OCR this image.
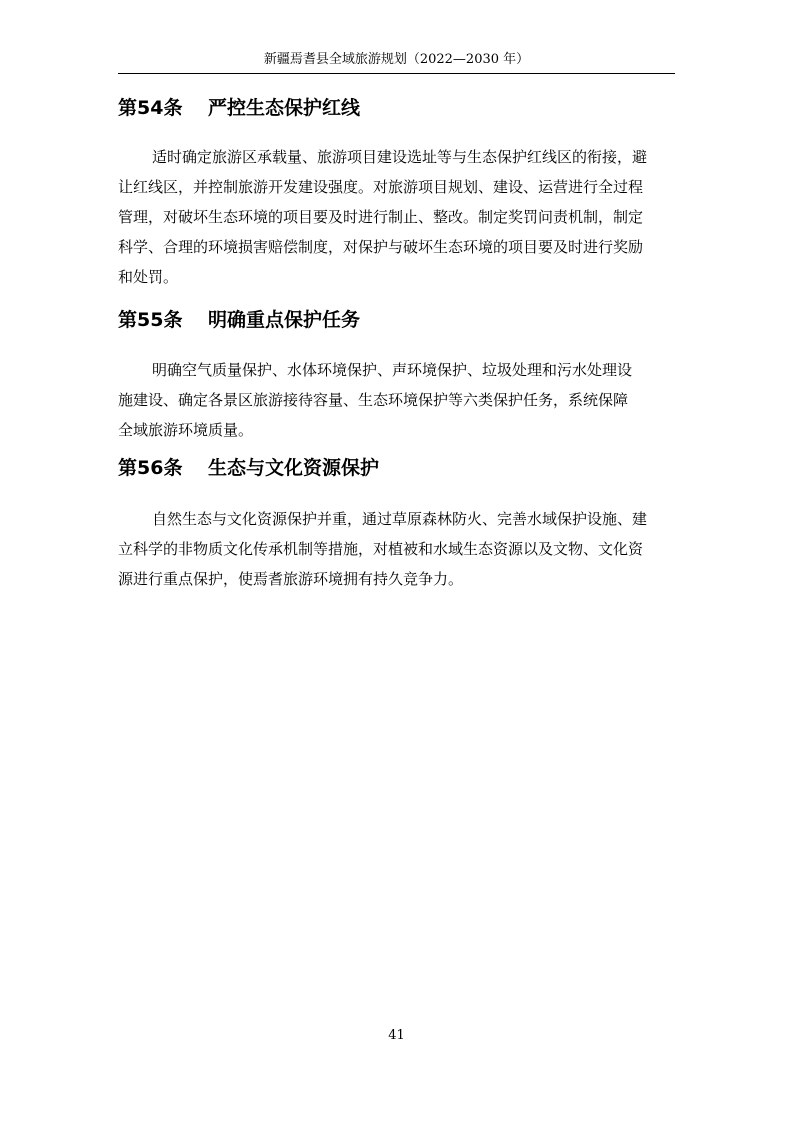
新疆焉耆县全域旅游规划（2022—2030 年）
第54条 严控生态保护红线

适时确定旅游区承载量、旅游项目建设选址等与生态保护红线区的衔接，避
让红线区，并控制旅游开发建设强度。对旅游项目规划、建设、运营进行全过程
管理，对破坏生态环境的项目要及时进行制止、整改。制定奖罚问责机制，制定
科学、合理的环境损害赔偿制度，对保护与破坏生态环境的项目要及时进行奖励
和处罚。

第55条 明确重点保护任务

明确空气质量保护、水体环境保护、声环境保护、垃圾处理和污水处理设
施建设、确定各景区旅游接待容量、生态环境保护等六类保护任务，系统保障
全域旅游环境质量。

第56条 生态与文化资源保护

自然生态与文化资源保护并重，通过草原森林防火、完善水域保护设施、建
立科学的非物质文化传承机制等措施，对植被和水域生态资源以及文物、文化资
源进行重点保护，使焉耆旅游环境拥有持久竞争力。

41
